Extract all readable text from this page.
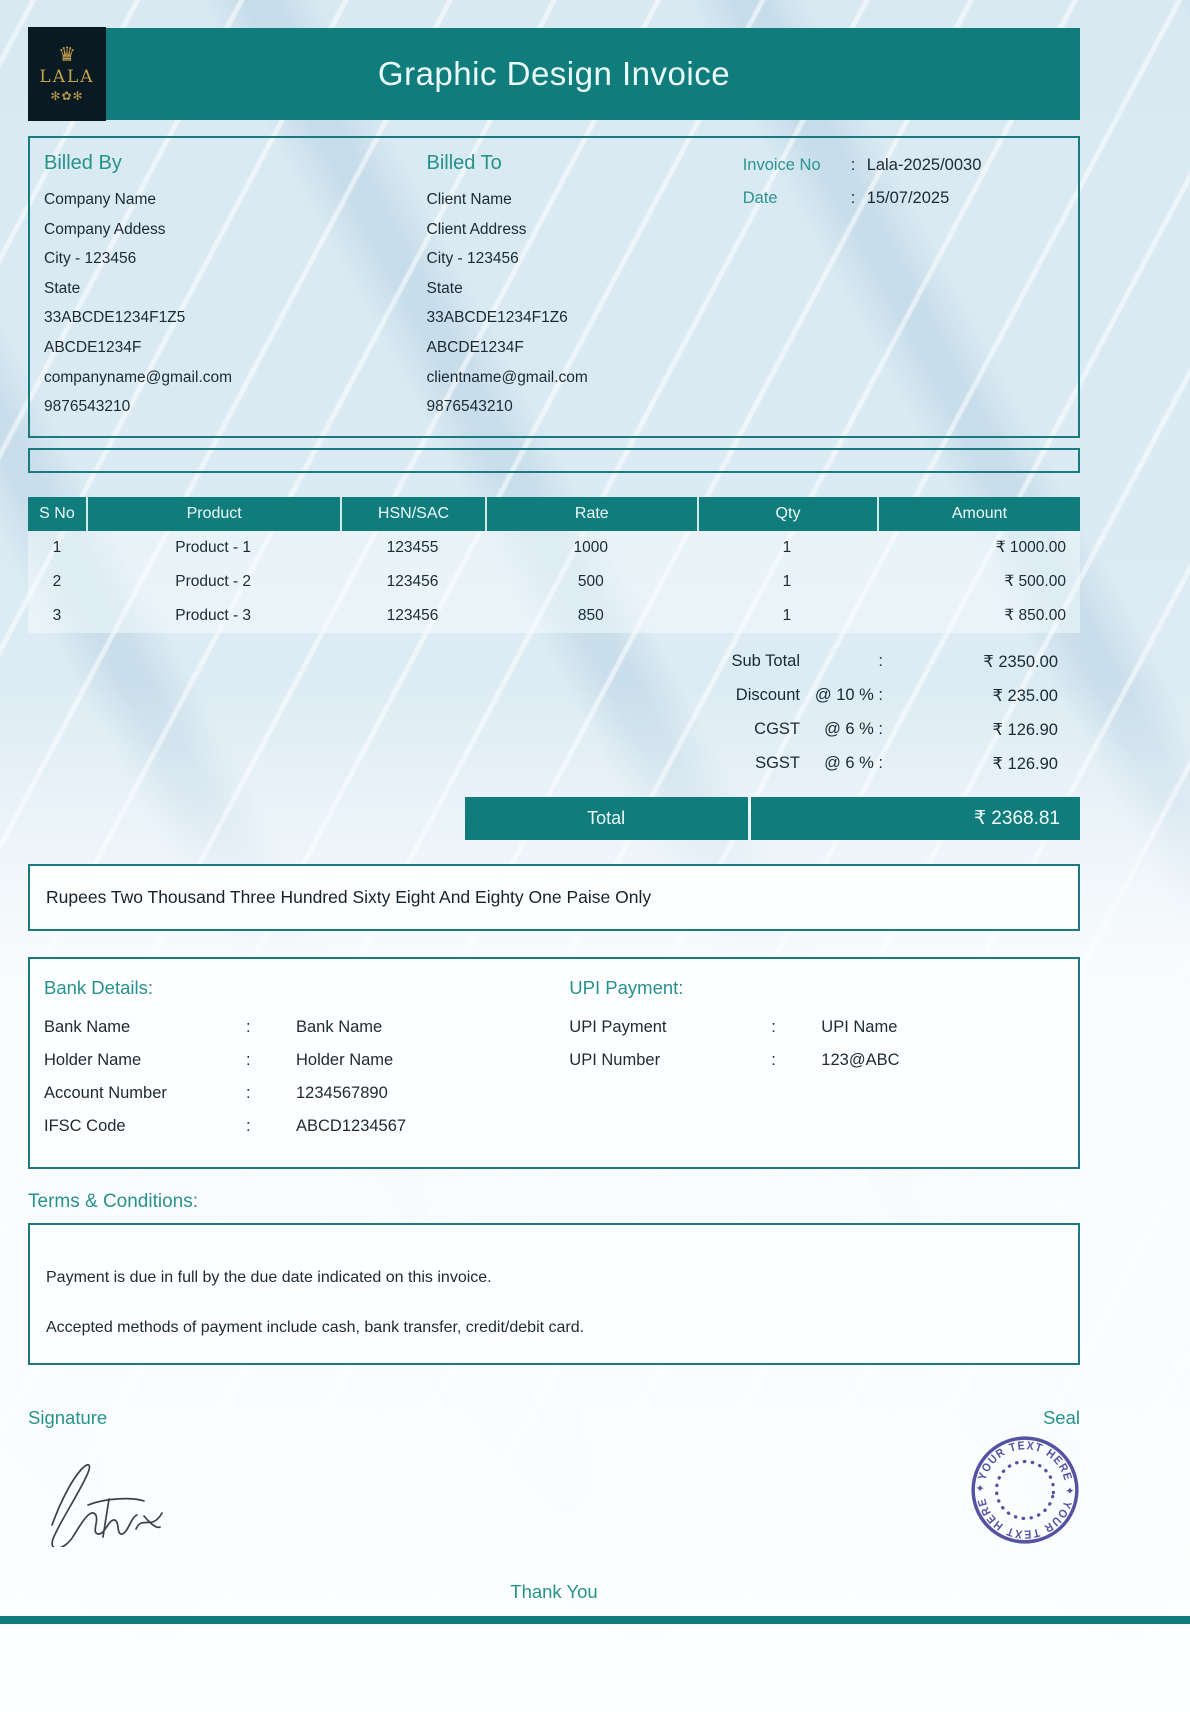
♛
LALA
✻✿✻
Graphic Design Invoice
Billed By
Company Name
Company Addess
City - 123456
State
33ABCDE1234F1Z5
ABCDE1234F
companyname@gmail.com
9876543210
Billed To
Client Name
Client Address
City - 123456
State
33ABCDE1234F1Z6
ABCDE1234F
clientname@gmail.com
9876543210
Invoice No	: Lala-2025/0030
Date	: 15/07/2025
S No	Product	HSN/SAC	Rate	Qty	Amount
1	Product - 1	123455	1000	1	₹ 1000.00
2	Product - 2	123456	500	1	₹ 500.00
3	Product - 3	123456	850	1	₹ 850.00
Sub Total	:	₹ 2350.00
Discount @ 10 % :	₹ 235.00
CGST	@ 6 % :	₹ 126.90
SGST	@ 6 % :	₹ 126.90
Total	₹ 2368.81
Rupees Two Thousand Three Hundred Sixty Eight And Eighty One Paise Only
Bank Details:
Bank Name	:	Bank Name
Holder Name	:	Holder Name
Account Number	:	1234567890
IFSC Code	:	ABCD1234567
UPI Payment:
UPI Payment	:	UPI Name
UPI Number	:	123@ABC
Terms & Conditions:

Payment is due in full by the due date indicated on this invoice.

Accepted methods of payment include cash, bank transfer, credit/debit card.

Signature	Seal
YOUR TEXT HERE ✦ YOUR TEXT HERE ✦
Thank You
